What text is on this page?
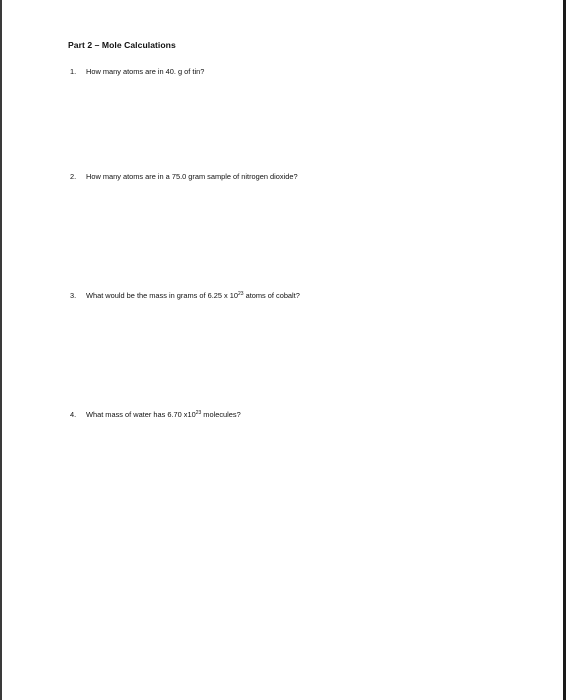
Part 2 – Mole Calculations
1. How many atoms are in 40. g of tin?
2. How many atoms are in a 75.0 gram sample of nitrogen dioxide?
3. What would be the mass in grams of 6.25 x $10^{23}$ atoms of cobalt?
4. What mass of water has 6.70 $x10^{23}$ molecules?
